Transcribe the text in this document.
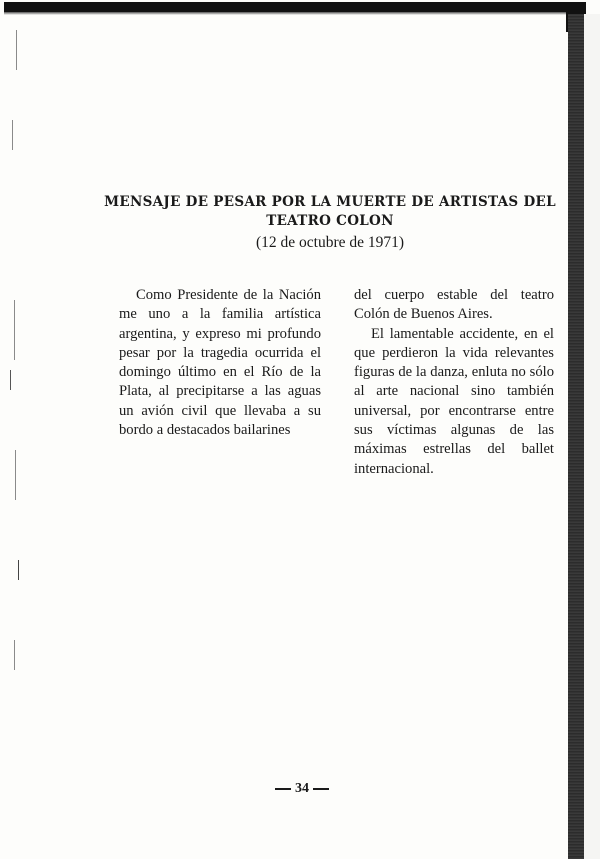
MENSAJE DE PESAR POR LA MUERTE DE ARTISTAS DEL TEATRO COLON
(12 de octubre de 1971)

Como Presidente de la Nación me uno a la familia artística argentina, y expreso mi profundo pesar por la tragedia ocurrida el domingo último en el Río de la Plata, al precipitarse a las aguas un avión civil que llevaba a su bordo a destacados bailarines

del cuerpo estable del teatro Colón de Buenos Aires.

El lamentable accidente, en el que perdieron la vida relevantes figuras de la danza, enluta no sólo al arte nacional sino también universal, por encontrarse entre sus víctimas algunas de las máximas estrellas del ballet internacional.

34
